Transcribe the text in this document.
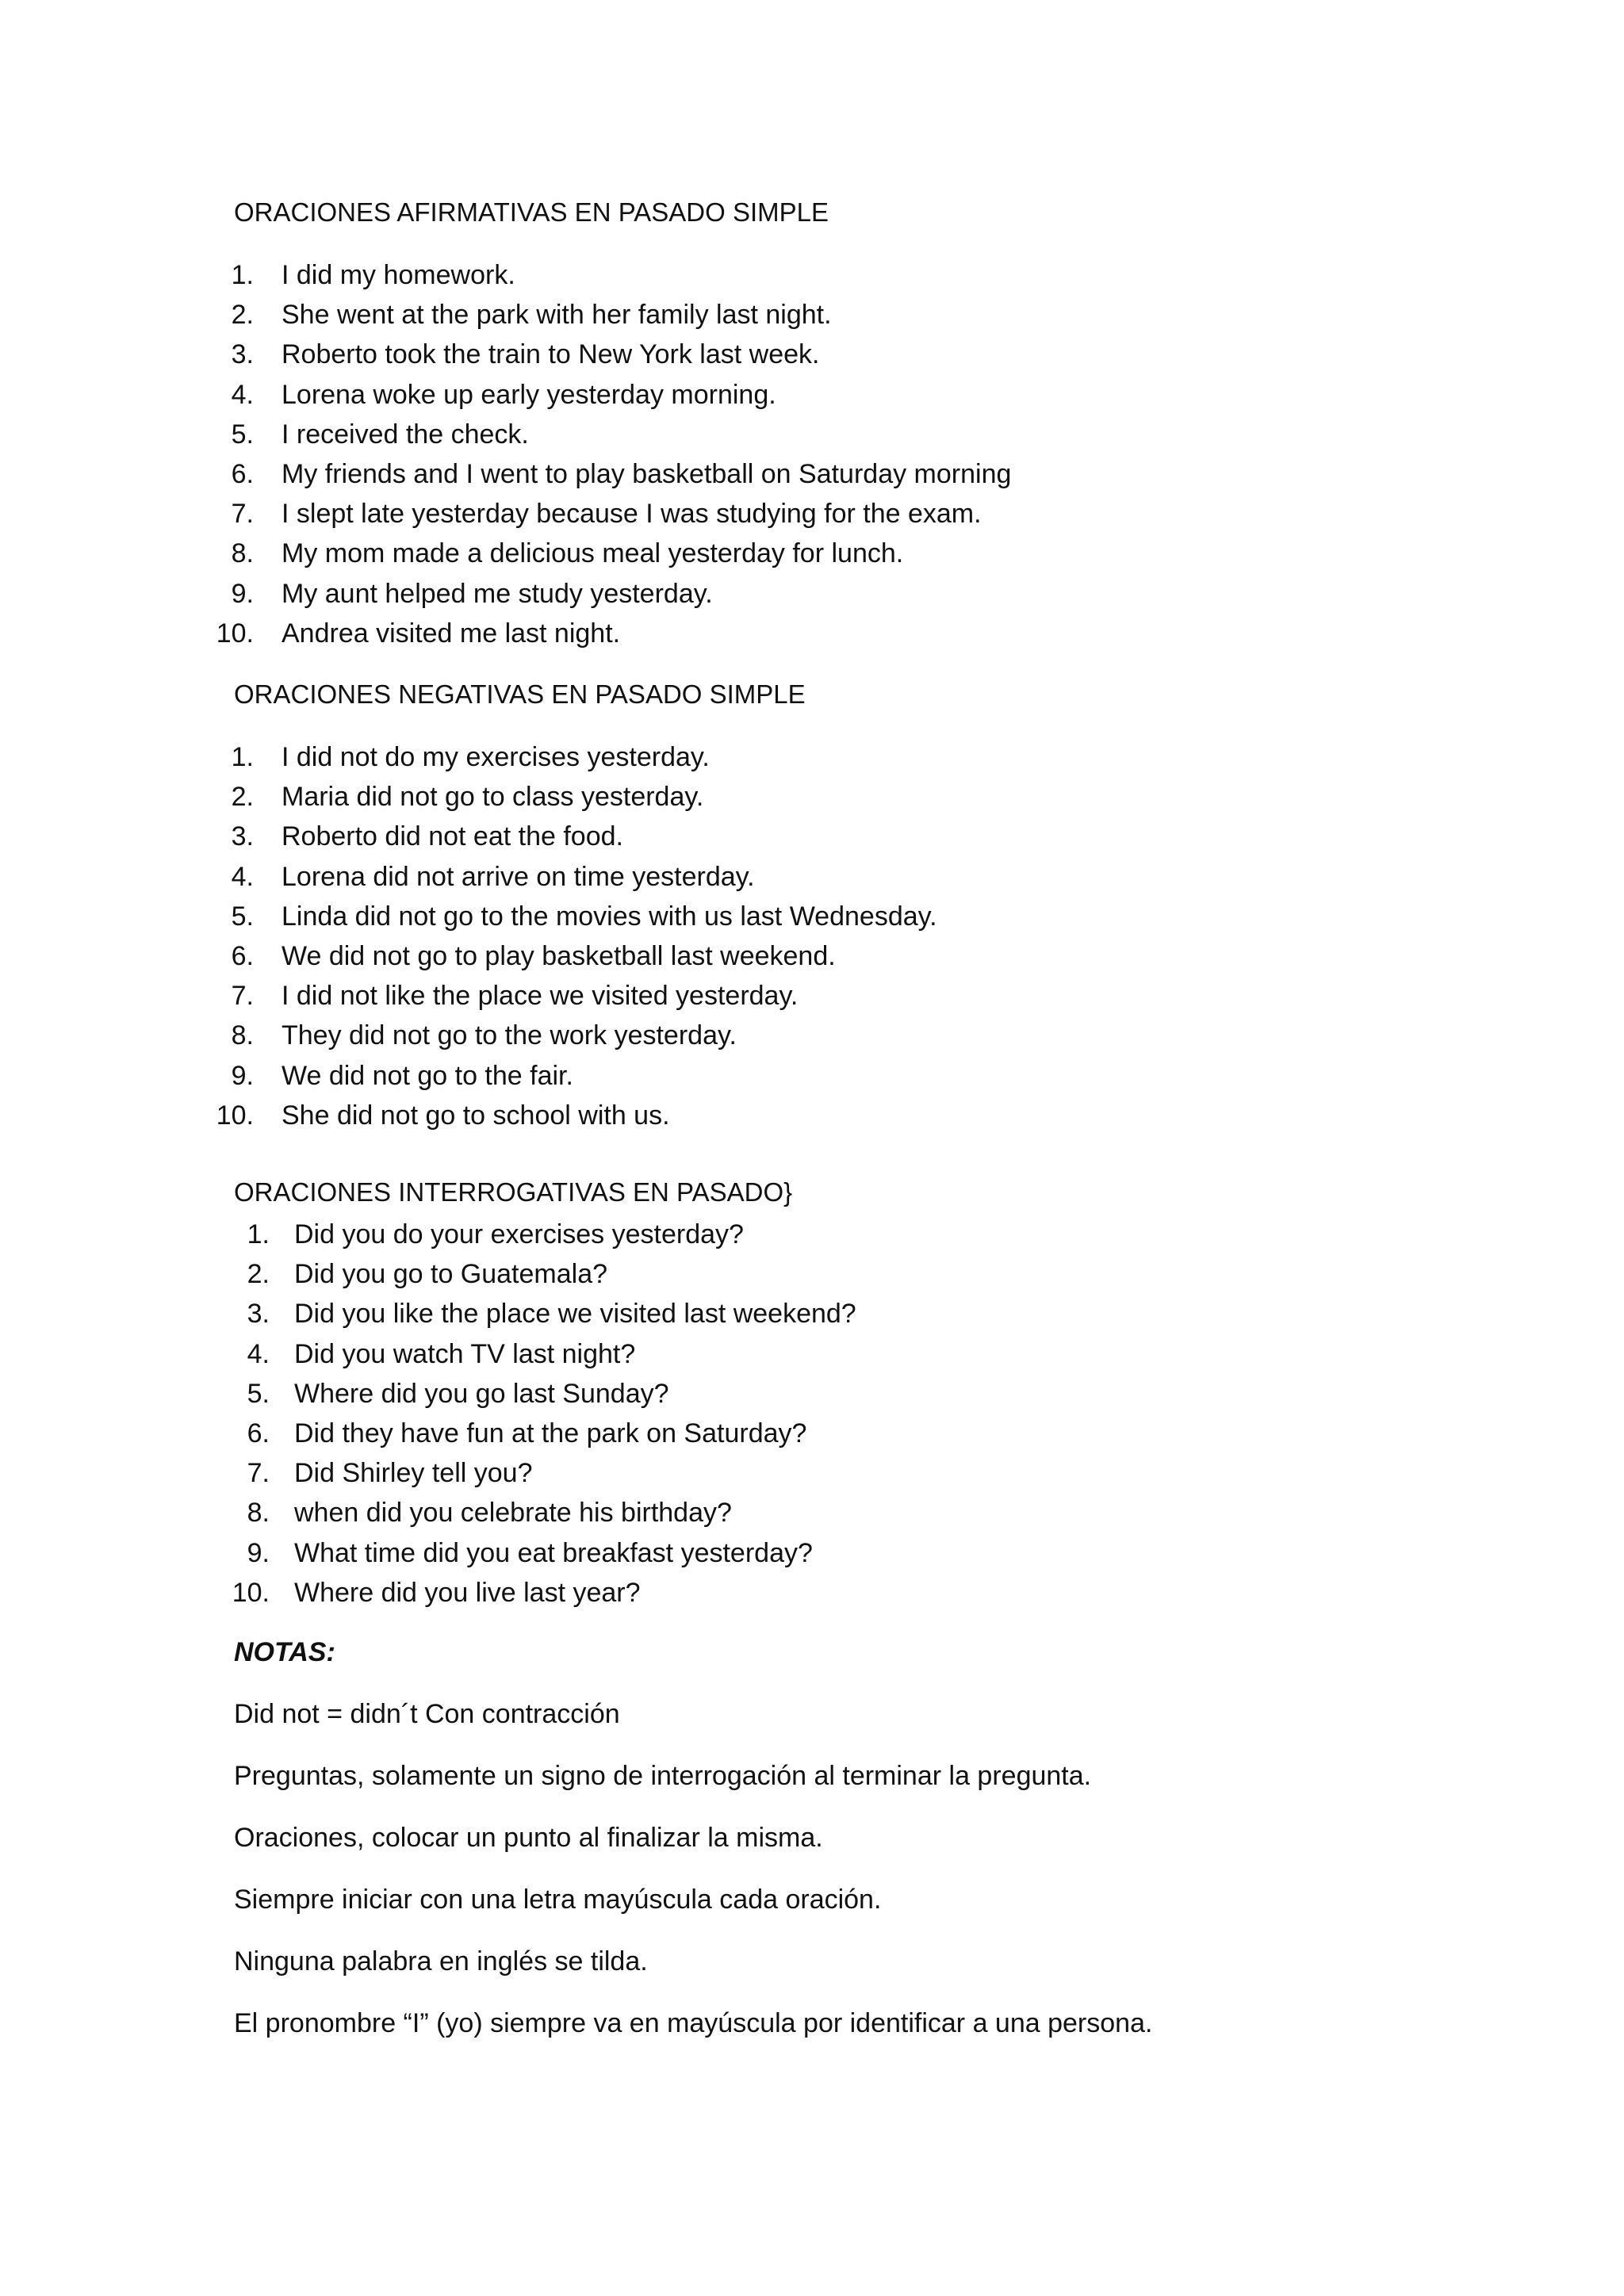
ORACIONES AFIRMATIVAS EN PASADO SIMPLE
1. I did my homework.
2. She went at the park with her family last night.
3. Roberto took the train to New York last week.
4. Lorena woke up early yesterday morning.
5. I received the check.
6. My friends and I went to play basketball on Saturday morning
7. I slept late yesterday because I was studying for the exam.
8. My mom made a delicious meal yesterday for lunch.
9. My aunt helped me study yesterday.
10. Andrea visited me last night.
ORACIONES NEGATIVAS EN PASADO SIMPLE
1. I did not do my exercises yesterday.
2. Maria did not go to class yesterday.
3. Roberto did not eat the food.
4. Lorena did not arrive on time yesterday.
5. Linda did not go to the movies with us last Wednesday.
6. We did not go to play basketball last weekend.
7. I did not like the place we visited yesterday.
8. They did not go to the work yesterday.
9. We did not go to the fair.
10. She did not go to school with us.
ORACIONES INTERROGATIVAS EN PASADO}
1. Did you do your exercises yesterday?
2. Did you go to Guatemala?
3. Did you like the place we visited last weekend?
4. Did you watch TV last night?
5. Where did you go last Sunday?
6. Did they have fun at the park on Saturday?
7. Did Shirley tell you?
8. when did you celebrate his birthday?
9. What time did you eat breakfast yesterday?
10. Where did you live last year?
NOTAS:
Did not = didn´t Con contracción
Preguntas, solamente un signo de interrogación al terminar la pregunta.
Oraciones, colocar un punto al finalizar la misma.
Siempre iniciar con una letra mayúscula cada oración.
Ninguna palabra en inglés se tilda.
El pronombre “I” (yo) siempre va en mayúscula por identificar a una persona.
